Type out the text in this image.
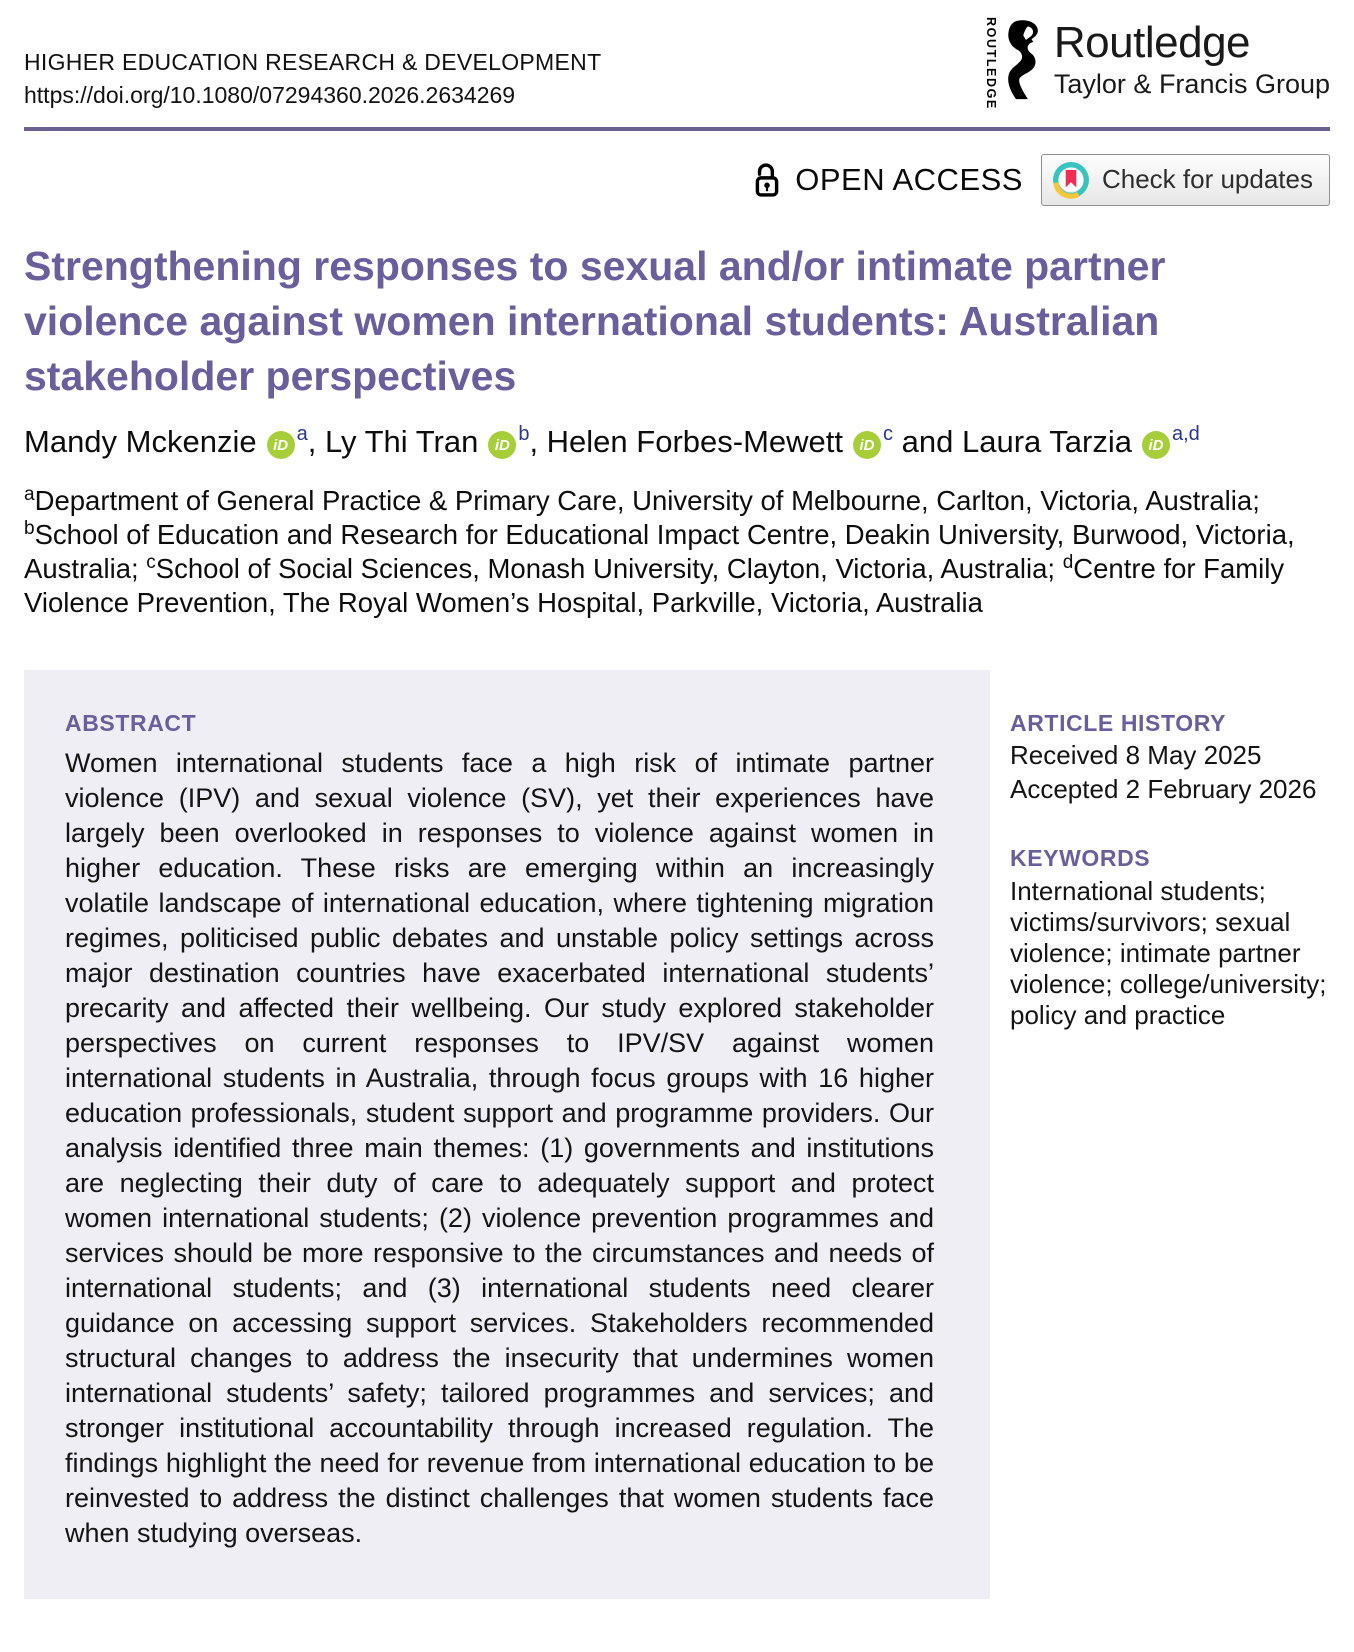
HIGHER EDUCATION RESEARCH & DEVELOPMENT
https://doi.org/10.1080/07294360.2026.2634269	ROUTLEDGE Routledge
Taylor & Francis Group
OPEN ACCESS	Check for updates
Strengthening responses to sexual and/or intimate partner violence against women international students: Australian stakeholder perspectives
Mandy Mckenzie $iD^a$, Ly Thi Tran $iD^b$, Helen Forbes-Mewett $iD^c$ and Laura Tarzia iD$^{a,d}$
$^a$Department of General Practice & Primary Care, University of Melbourne, Carlton, Victoria, Australia; $^b$School of Education and Research for Educational Impact Centre, Deakin University, Burwood, Victoria, Australia; $^c$School of Social Sciences, Monash University, Clayton, Victoria, Australia; $^d$Centre for Family Violence Prevention, The Royal Women’s Hospital, Parkville, Victoria, Australia
ABSTRACT
Women international students face a high risk of intimate partner violence (IPV) and sexual violence (SV), yet their experiences have largely been overlooked in responses to violence against women in higher education. These risks are emerging within an increasingly volatile landscape of international education, where tightening migration regimes, politicised public debates and unstable policy settings across major destination countries have exacerbated international students’ precarity and affected their wellbeing. Our study explored stakeholder perspectives on current responses to IPV/SV against women international students in Australia, through focus groups with 16 higher education professionals, student support and programme providers. Our analysis identified three main themes: (1) governments and institutions are neglecting their duty of care to adequately support and protect women international students; (2) violence prevention programmes and services should be more responsive to the circumstances and needs of international students; and (3) international students need clearer guidance on accessing support services. Stakeholders recommended structural changes to address the insecurity that undermines women international students’ safety; tailored programmes and services; and stronger institutional accountability through increased regulation. The findings highlight the need for revenue from international education to be reinvested to address the distinct challenges that women students face when studying overseas.
ARTICLE HISTORY
Received 8 May 2025
Accepted 2 February 2026
KEYWORDS
International students; victims/survivors; sexual violence; intimate partner violence; college/university; policy and practice
